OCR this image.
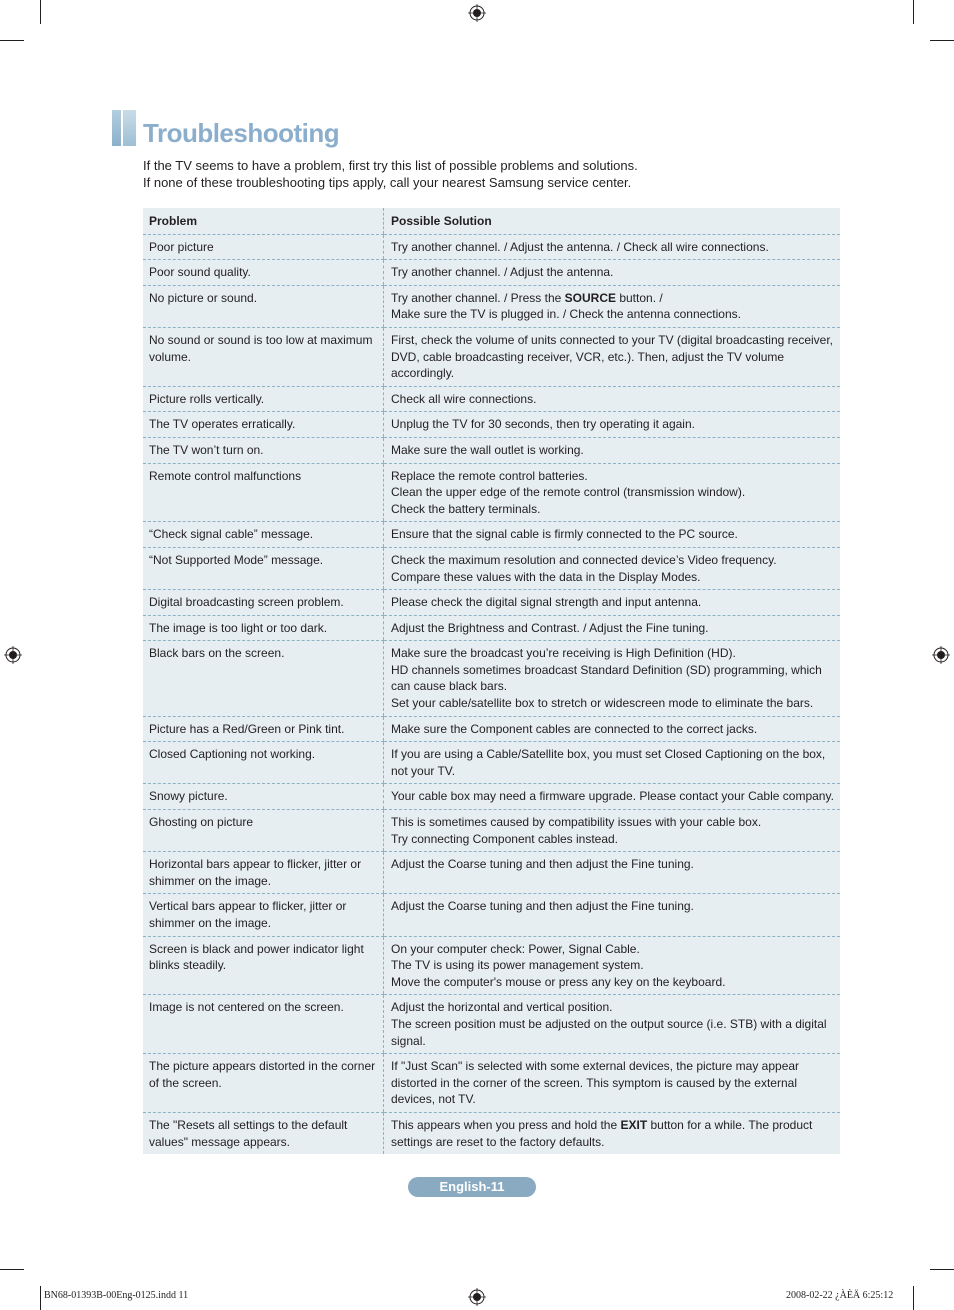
Troubleshooting

If the TV seems to have a problem, first try this list of possible problems and solutions.

If none of these troubleshooting tips apply, call your nearest Samsung service center.

Problem	Possible Solution
Poor picture	Try another channel. / Adjust the antenna. / Check all wire connections.

Poor sound quality.	Try another channel. / Adjust the antenna.

No picture or sound.	Try another channel. / Press the SOURCE button. /
Make sure the TV is plugged in. / Check the antenna connections.

No sound or sound is too low at maximum volume.	First, check the volume of units connected to your TV (digital broadcasting receiver, DVD, cable broadcasting receiver, VCR, etc.). Then, adjust the TV volume accordingly.

Picture rolls vertically.	Check all wire connections.

The TV operates erratically.	Unplug the TV for 30 seconds, then try operating it again.

The TV won’t turn on.	Make sure the wall outlet is working.

Remote control malfunctions	Replace the remote control batteries.
Clean the upper edge of the remote control (transmission window).
Check the battery terminals.

“Check signal cable” message.	Ensure that the signal cable is firmly connected to the PC source.

“Not Supported Mode” message.	Check the maximum resolution and connected device’s Video frequency.
Compare these values with the data in the Display Modes.

Digital broadcasting screen problem.	Please check the digital signal strength and input antenna.

The image is too light or too dark.	Adjust the Brightness and Contrast. / Adjust the Fine tuning.

Black bars on the screen.	Make sure the broadcast you’re receiving is High Definition (HD).
HD channels sometimes broadcast Standard Definition (SD) programming, which can cause black bars.
Set your cable/satellite box to stretch or widescreen mode to eliminate the bars.

Picture has a Red/Green or Pink tint.	Make sure the Component cables are connected to the correct jacks.

Closed Captioning not working.	If you are using a Cable/Satellite box, you must set Closed Captioning on the box, not your TV.

Snowy picture.	Your cable box may need a firmware upgrade. Please contact your Cable company.

Ghosting on picture	This is sometimes caused by compatibility issues with your cable box.
Try connecting Component cables instead.

Horizontal bars appear to flicker, jitter or shimmer on the image.	Adjust the Coarse tuning and then adjust the Fine tuning.

Vertical bars appear to flicker, jitter or shimmer on the image.	Adjust the Coarse tuning and then adjust the Fine tuning.

Screen is black and power indicator light blinks steadily.	On your computer check: Power, Signal Cable.
The TV is using its power management system.
Move the computer's mouse or press any key on the keyboard.

Image is not centered on the screen.	Adjust the horizontal and vertical position.
The screen position must be adjusted on the output source (i.e. STB) with a digital signal.

The picture appears distorted in the corner of the screen.	If "Just Scan" is selected with some external devices, the picture may appear distorted in the corner of the screen. This symptom is caused by the external devices, not TV.

The "Resets all settings to the default values" message appears.	This appears when you press and hold the EXIT button for a while. The product settings are reset to the factory defaults.
English-11
BN68-01393B-00Eng-0125.indd 11	2008-02-22 ¿ÀÈÄ 6:25:12
